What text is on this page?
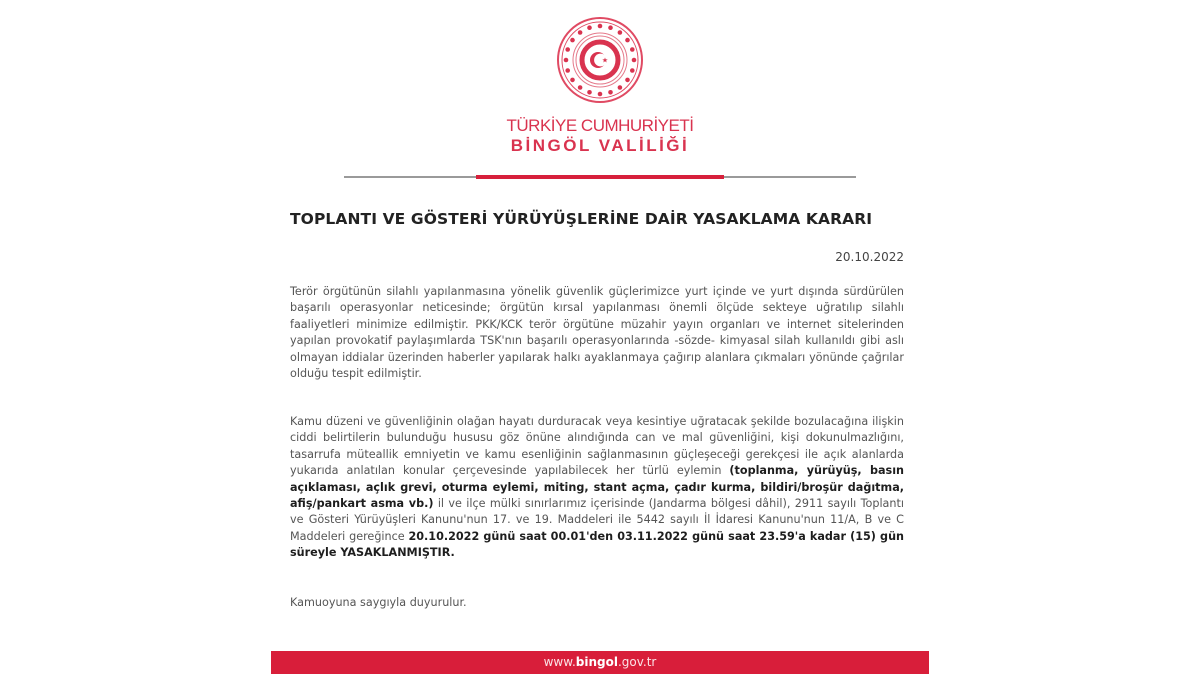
TÜRKİYE CUMHURİYETİ
BİNGÖL VALİLİĞİ
TOPLANTI VE GÖSTERİ YÜRÜYÜŞLERİNE DAİR YASAKLAMA KARARI
20.10.2022

Terör örgütünün silahlı yapılanmasına yönelik güvenlik güçlerimizce yurt içinde ve yurt dışında sürdürülen başarılı operasyonlar neticesinde; örgütün kırsal yapılanması önemli ölçüde sekteye uğratılıp silahlı faaliyetleri minimize edilmiştir. PKK/KCK terör örgütüne müzahir yayın organları ve internet sitelerinden yapılan provokatif paylaşımlarda TSK'nın başarılı operasyonlarında -sözde- kimyasal silah kullanıldı gibi aslı olmayan iddialar üzerinden haberler yapılarak halkı ayaklanmaya çağırıp alanlara çıkmaları yönünde çağrılar olduğu tespit edilmiştir.

Kamu düzeni ve güvenliğinin olağan hayatı durduracak veya kesintiye uğratacak şekilde bozulacağına ilişkin ciddi belirtilerin bulunduğu hususu göz önüne alındığında can ve mal güvenliğini, kişi dokunulmazlığını, tasarrufa müteallik emniyetin ve kamu esenliğinin sağlanmasının güçleşeceği gerekçesi ile açık alanlarda yukarıda anlatılan konular çerçevesinde yapılabilecek her türlü eylemin (toplanma, yürüyüş, basın açıklaması, açlık grevi, oturma eylemi, miting, stant açma, çadır kurma, bildiri/broşür dağıtma, afiş/pankart asma vb.) il ve ilçe mülki sınırlarımız içerisinde (Jandarma bölgesi dâhil), 2911 sayılı Toplantı ve Gösteri Yürüyüşleri Kanunu'nun 17. ve 19. Maddeleri ile 5442 sayılı İl İdaresi Kanunu'nun 11/A, B ve C Maddeleri gereğince 20.10.2022 günü saat 00.01'den 03.11.2022 günü saat 23.59'a kadar (15) gün süreyle YASAKLANMIŞTIR.

Kamuoyuna saygıyla duyurulur.

www.bingol.gov.tr
